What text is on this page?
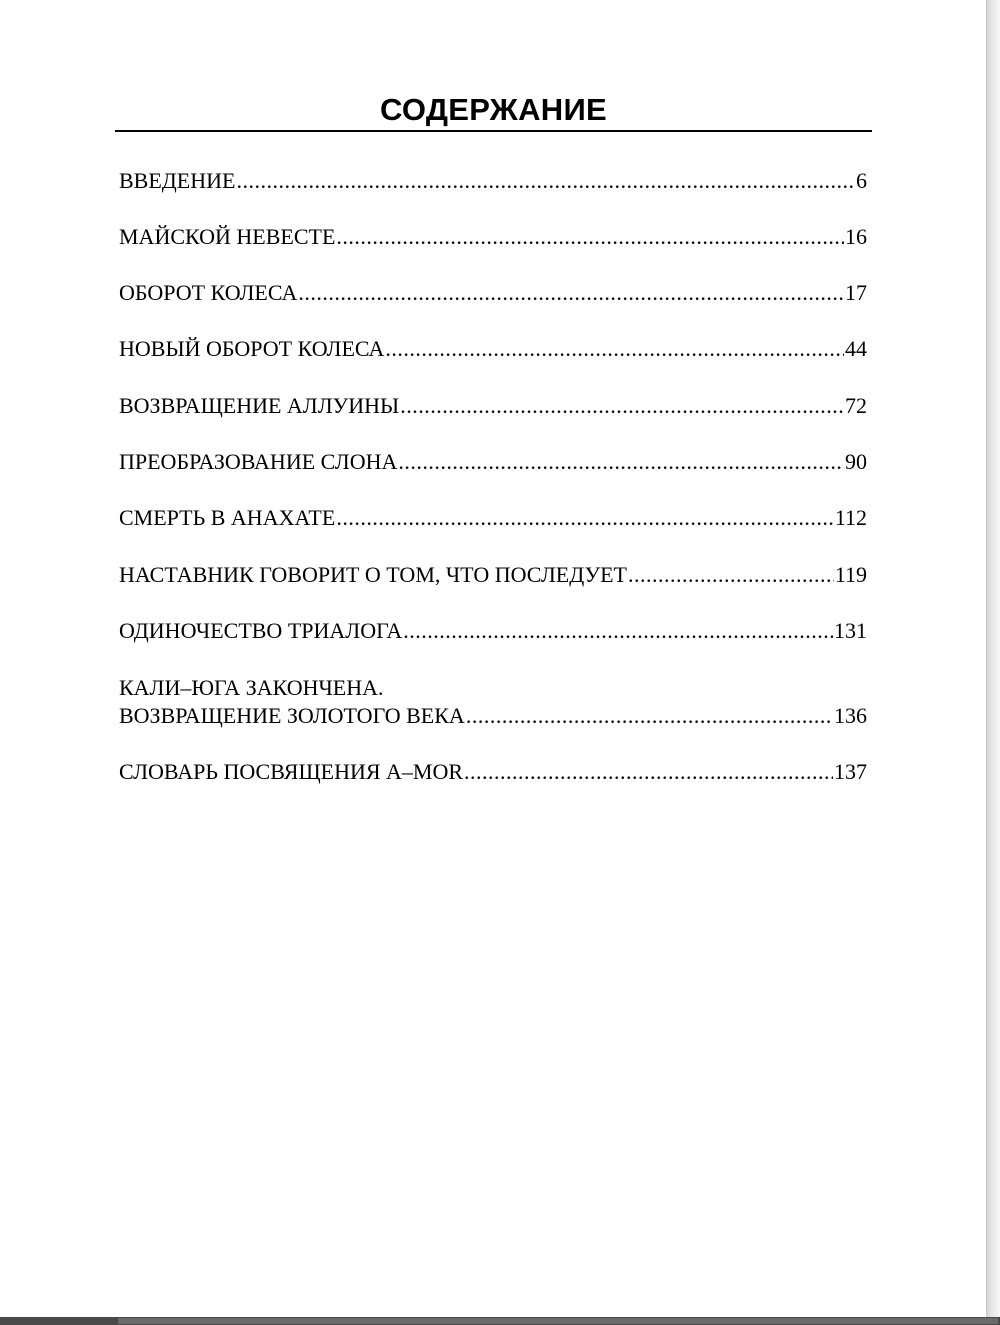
СОДЕРЖАНИЕ
ВВЕДЕНИЕ .....	6
МАЙСКОЙ НЕВЕСТЕ .....	16
ОБОРОТ КОЛЕСА .....	17
НОВЫЙ ОБОРОТ КОЛЕСА .....	44
ВОЗВРАЩЕНИЕ АЛЛУИНЫ .....	72
ПРЕОБРАЗОВАНИЕ СЛОНА .....	90
СМЕРТЬ В АНАХАТЕ .....	112
НАСТАВНИК ГОВОРИТ О ТОМ, ЧТО ПОСЛЕДУЕТ .....	119
ОДИНОЧЕСТВО ТРИАЛОГА .....	131
КАЛИ–ЮГА ЗАКОНЧЕНА.
ВОЗВРАЩЕНИЕ ЗОЛОТОГО ВЕКА .....	136
СЛОВАРЬ ПОСВЯЩЕНИЯ A–MOR .....	137
